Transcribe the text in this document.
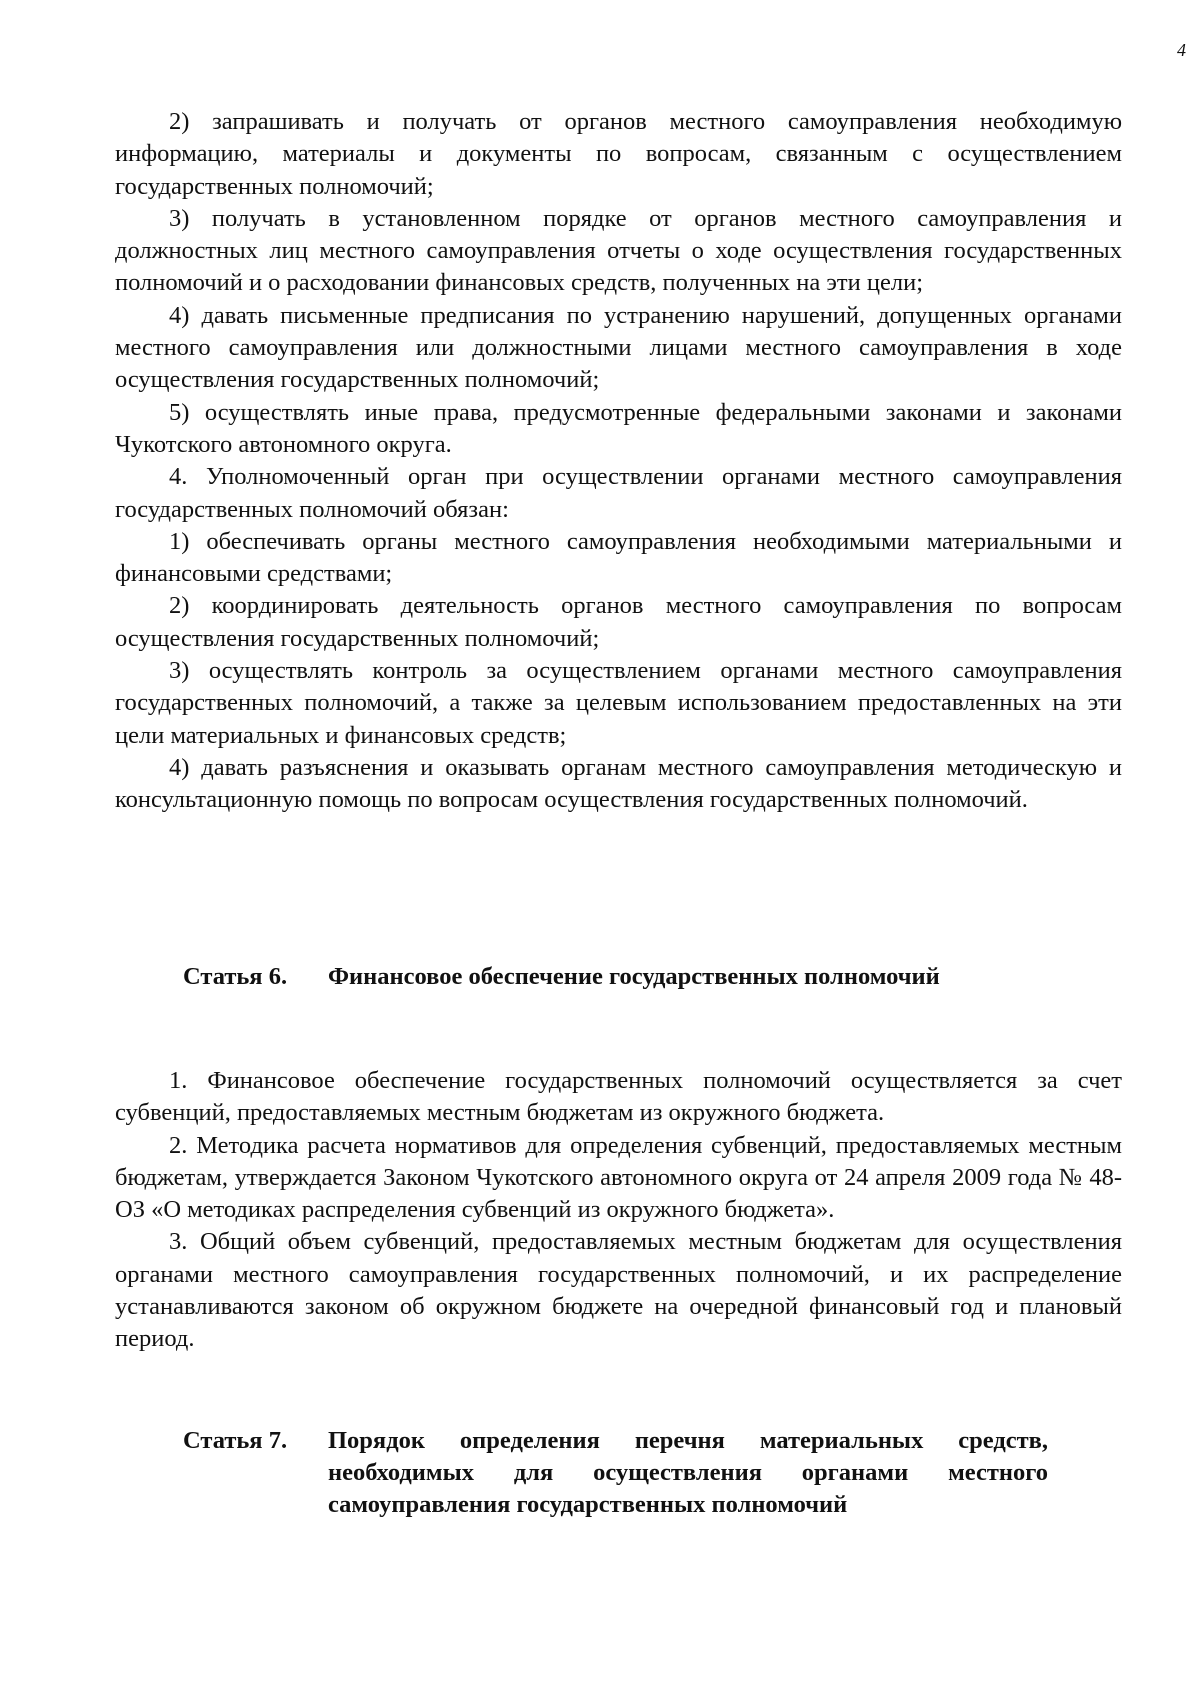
4

2) запрашивать и получать от органов местного самоуправления необходимую информацию, материалы и документы по вопросам, связанным с осуществлением государственных полномочий;

3) получать в установленном порядке от органов местного самоуправления и должностных лиц местного самоуправления отчеты о ходе осуществления государственных полномочий и о расходовании финансовых средств, полученных на эти цели;

4) давать письменные предписания по устранению нарушений, допущенных органами местного самоуправления или должностными лицами местного самоуправления в ходе осуществления государственных полномочий;

5) осуществлять иные права, предусмотренные федеральными законами и законами Чукотского автономного округа.

4. Уполномоченный орган при осуществлении органами местного самоуправления государственных полномочий обязан:

1) обеспечивать органы местного самоуправления необходимыми материальными и финансовыми средствами;

2) координировать деятельность органов местного самоуправления по вопросам осуществления государственных полномочий;

3) осуществлять контроль за осуществлением органами местного самоуправления государственных полномочий, а также за целевым использованием предоставленных на эти цели материальных и финансовых средств;

4) давать разъяснения и оказывать органам местного самоуправления методическую и консультационную помощь по вопросам осуществления государственных полномочий.

Статья 6. Финансовое обеспечение государственных полномочий

1. Финансовое обеспечение государственных полномочий осуществляется за счет субвенций, предоставляемых местным бюджетам из окружного бюджета.

2. Методика расчета нормативов для определения субвенций, предоставляемых местным бюджетам, утверждается Законом Чукотского автономного округа от 24 апреля 2009 года № 48-ОЗ «О методиках распределения субвенций из окружного бюджета».

3. Общий объем субвенций, предоставляемых местным бюджетам для осуществления органами местного самоуправления государственных полномочий, и их распределение устанавливаются законом об окружном бюджете на очередной финансовый год и плановый период.

Статья 7. Порядок определения перечня материальных средств, необходимых для осуществления органами местного самоуправления государственных полномочий
